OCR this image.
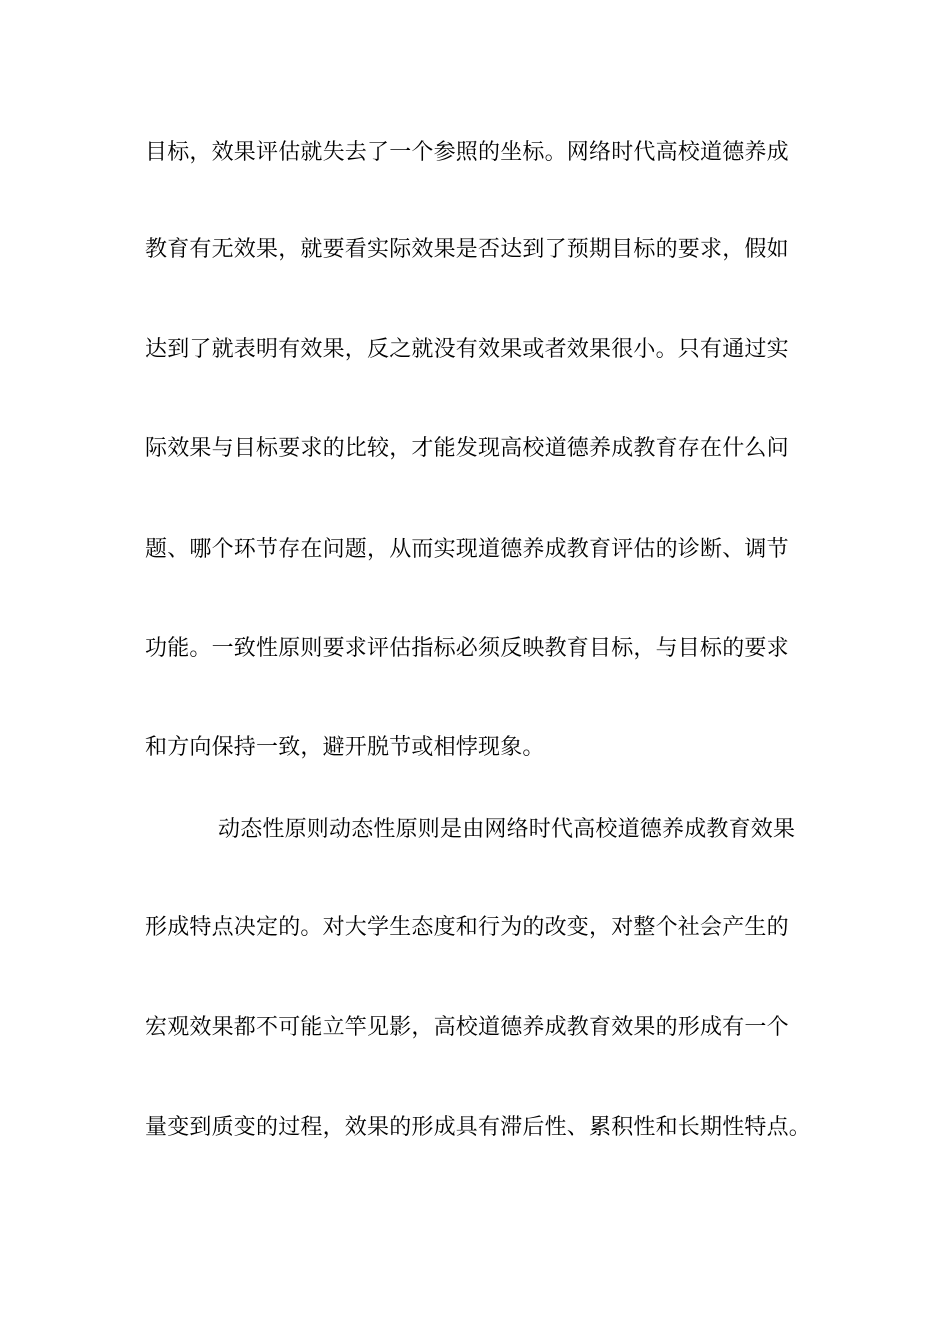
目标，效果评估就失去了一个参照的坐标。网络时代高校道德养成
教育有无效果，就要看实际效果是否达到了预期目标的要求，假如
达到了就表明有效果，反之就没有效果或者效果很小。只有通过实
际效果与目标要求的比较，才能发现高校道德养成教育存在什么问
题、哪个环节存在问题，从而实现道德养成教育评估的诊断、调节
功能。一致性原则要求评估指标必须反映教育目标，与目标的要求
和方向保持一致，避开脱节或相悖现象。
动态性原则动态性原则是由网络时代高校道德养成教育效果
形成特点决定的。对大学生态度和行为的改变，对整个社会产生的
宏观效果都不可能立竿见影，高校道德养成教育效果的形成有一个
量变到质变的过程，效果的形成具有滞后性、累积性和长期性特点。
